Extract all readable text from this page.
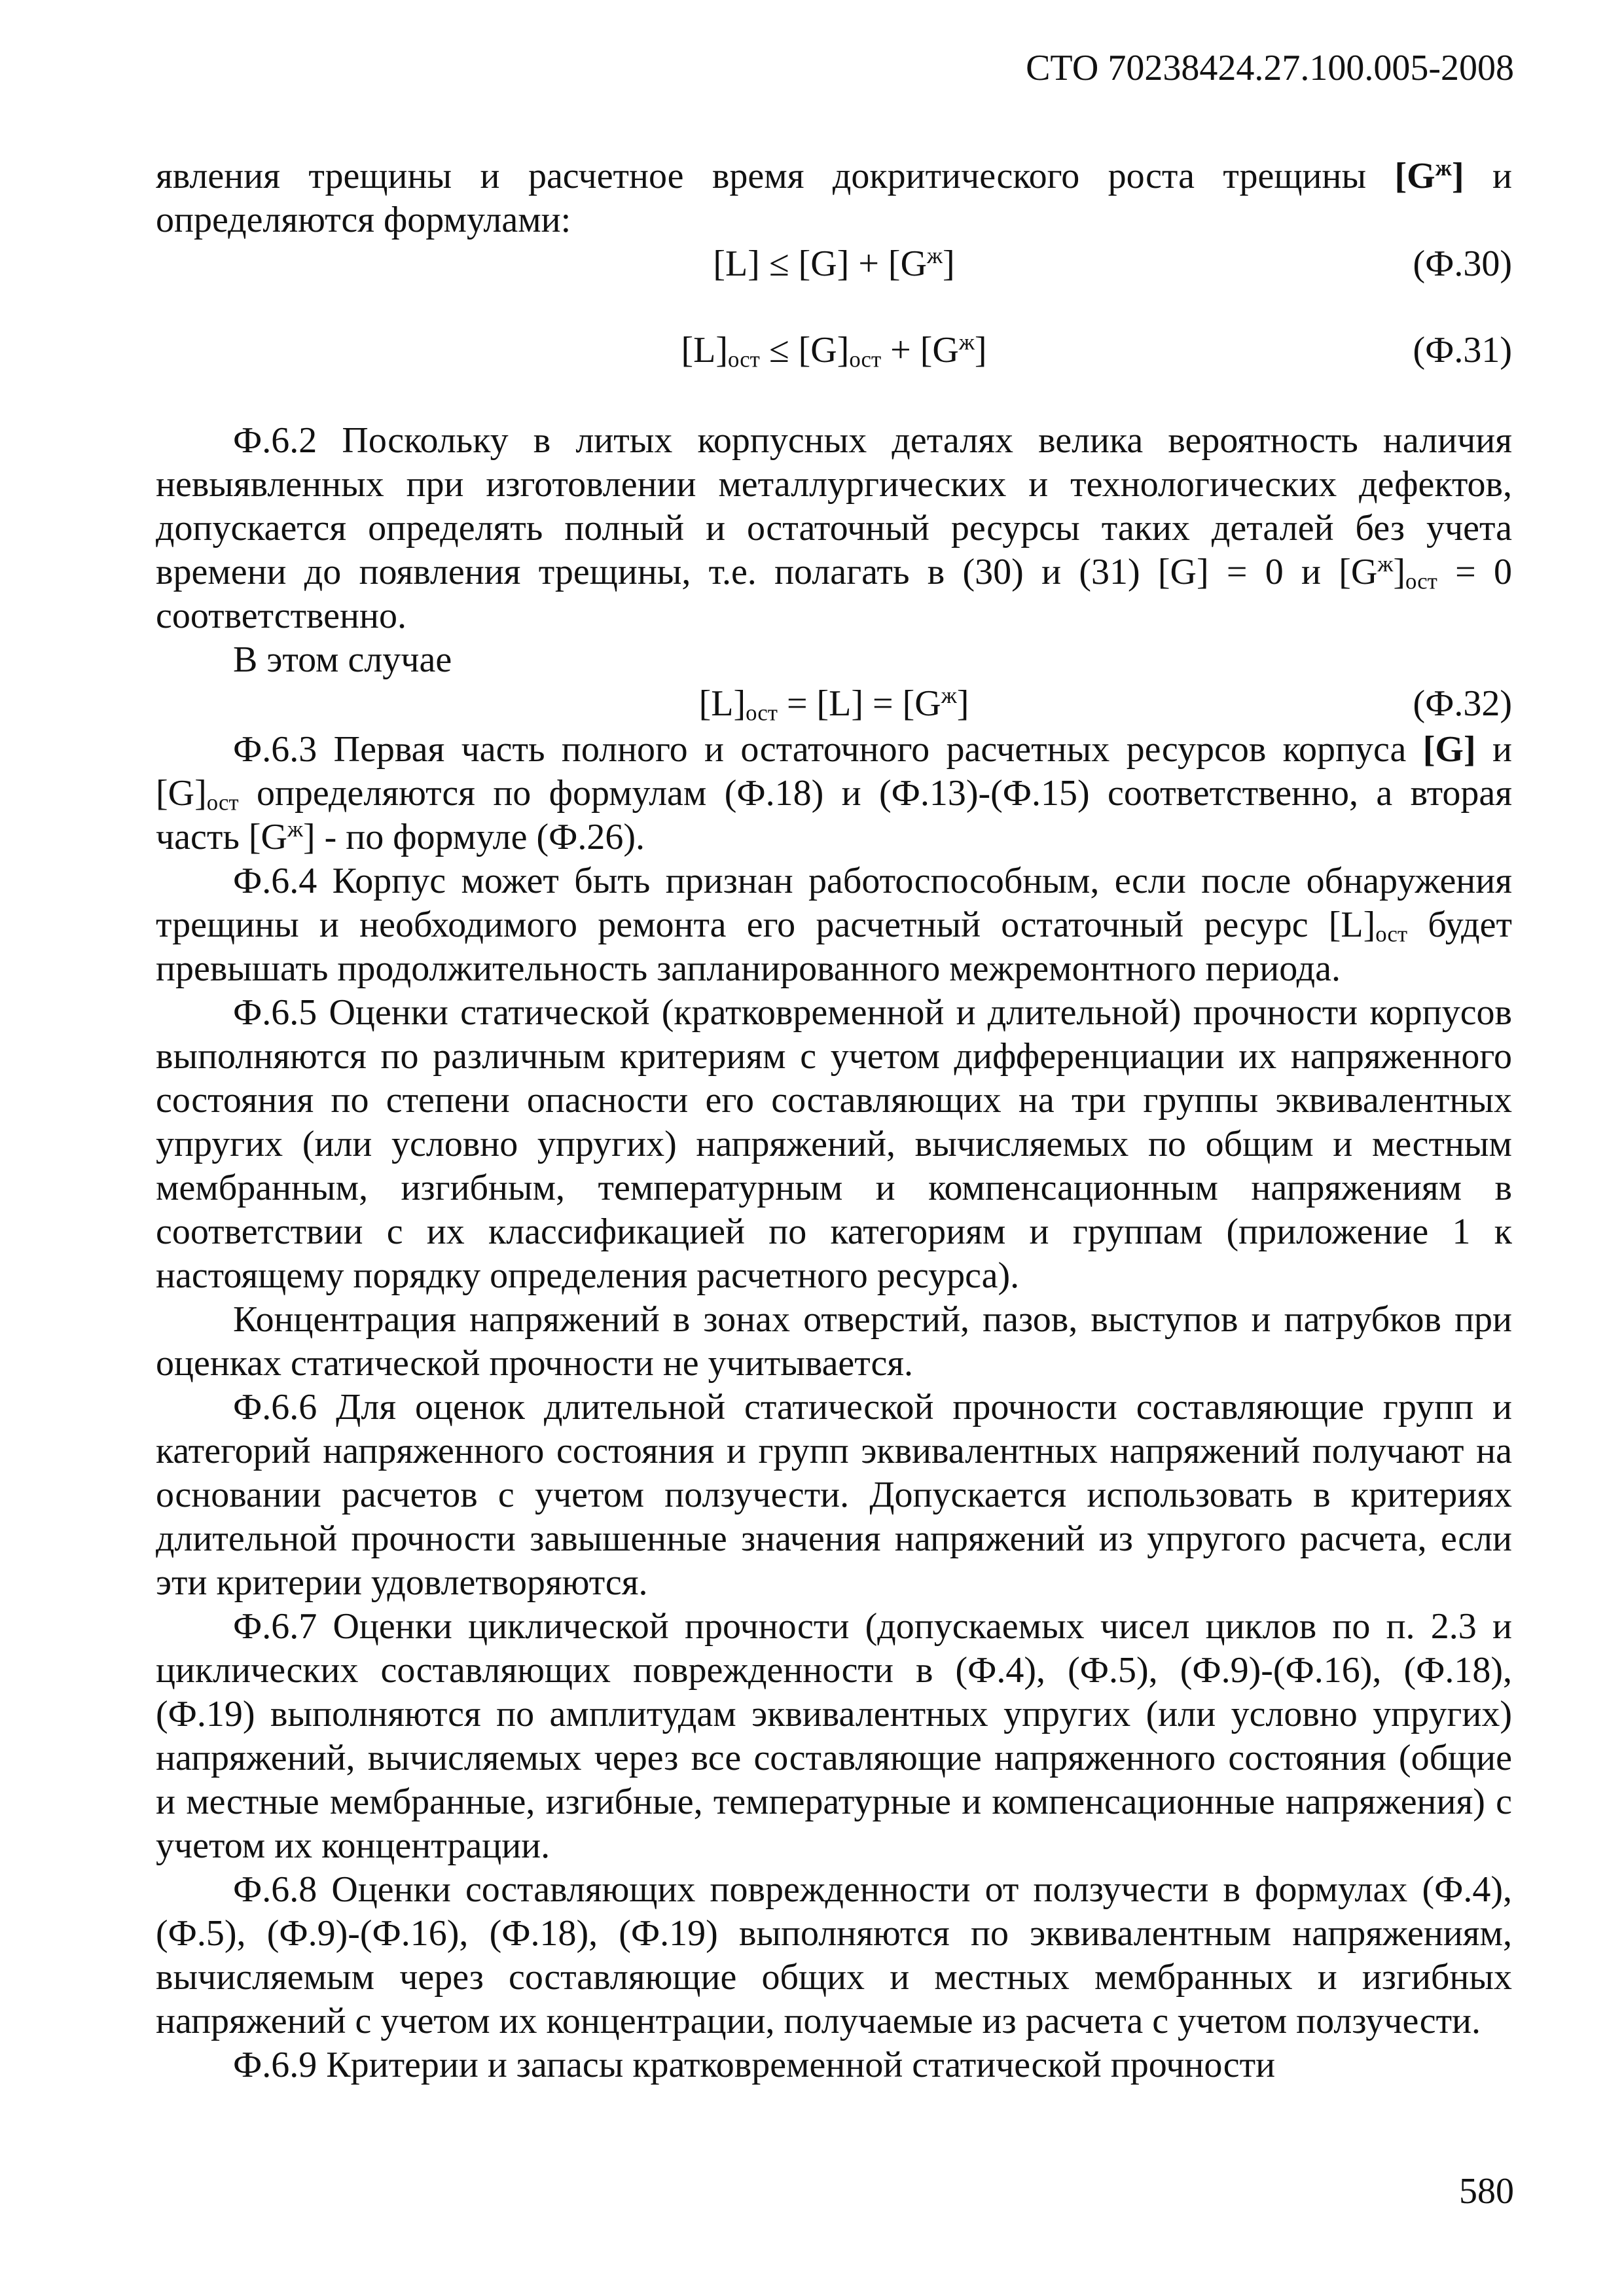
СТО 70238424.27.100.005-2008

явления трещины и расчетное время докритического роста трещины $[G^ж]$ и определяются формулами:

$[L] \le [G] + [G^ж]$	(Ф.30)
$[L]_{ост} \le [G]_{ост} + [G^ж]$	(Ф.31)

Ф.6.2 Поскольку в литых корпусных деталях велика вероятность наличия невыявленных при изготовлении металлургических и технологических дефектов, допускается определять полный и остаточный ресурсы таких деталей без учета времени до появления трещины, т.е. полагать в (30) и (31) [G] = 0 и $[G^ж]_{ост} = 0$ соответственно.

В этом случае

$[L]_{ост} = [L] = [G^ж]$	(Ф.32)

Ф.6.3 Первая часть полного и остаточного расчетных ресурсов корпуса [G] и $[G]_{ост}$ определяются по формулам (Ф.18) и (Ф.13)-(Ф.15) соответственно, а вторая часть $[G^ж]$ - по формуле (Ф.26).

Ф.6.4 Корпус может быть признан работоспособным, если после обнаружения трещины и необходимого ремонта его расчетный остаточный ресурс $[L]_{ост}$ будет превышать продолжительность запланированного межремонтного периода.

Ф.6.5 Оценки статической (кратковременной и длительной) прочности корпусов выполняются по различным критериям с учетом дифференциации их напряженного состояния по степени опасности его составляющих на три группы эквивалентных упругих (или условно упругих) напряжений, вычисляемых по общим и местным мембранным, изгибным, температурным и компенсационным напряжениям в соответствии с их классификацией по категориям и группам (приложение 1 к настоящему порядку определения расчетного ресурса).

Концентрация напряжений в зонах отверстий, пазов, выступов и патрубков при оценках статической прочности не учитывается.

Ф.6.6 Для оценок длительной статической прочности составляющие групп и категорий напряженного состояния и групп эквивалентных напряжений получают на основании расчетов с учетом ползучести. Допускается использовать в критериях длительной прочности завышенные значения напряжений из упругого расчета, если эти критерии удовлетворяются.

Ф.6.7 Оценки циклической прочности (допускаемых чисел циклов по п. 2.3 и циклических составляющих поврежденности в (Ф.4), (Ф.5), (Ф.9)-(Ф.16), (Ф.18), (Ф.19) выполняются по амплитудам эквивалентных упругих (или условно упругих) напряжений, вычисляемых через все составляющие напряженного состояния (общие и местные мембранные, изгибные, температурные и компенсационные напряжения) с учетом их концентрации.

Ф.6.8 Оценки составляющих поврежденности от ползучести в формулах (Ф.4), (Ф.5), (Ф.9)-(Ф.16), (Ф.18), (Ф.19) выполняются по эквивалентным напряжениям, вычисляемым через составляющие общих и местных мембранных и изгибных напряжений с учетом их концентрации, получаемые из расчета с учетом ползучести.

Ф.6.9 Критерии и запасы кратковременной статической прочности

580
